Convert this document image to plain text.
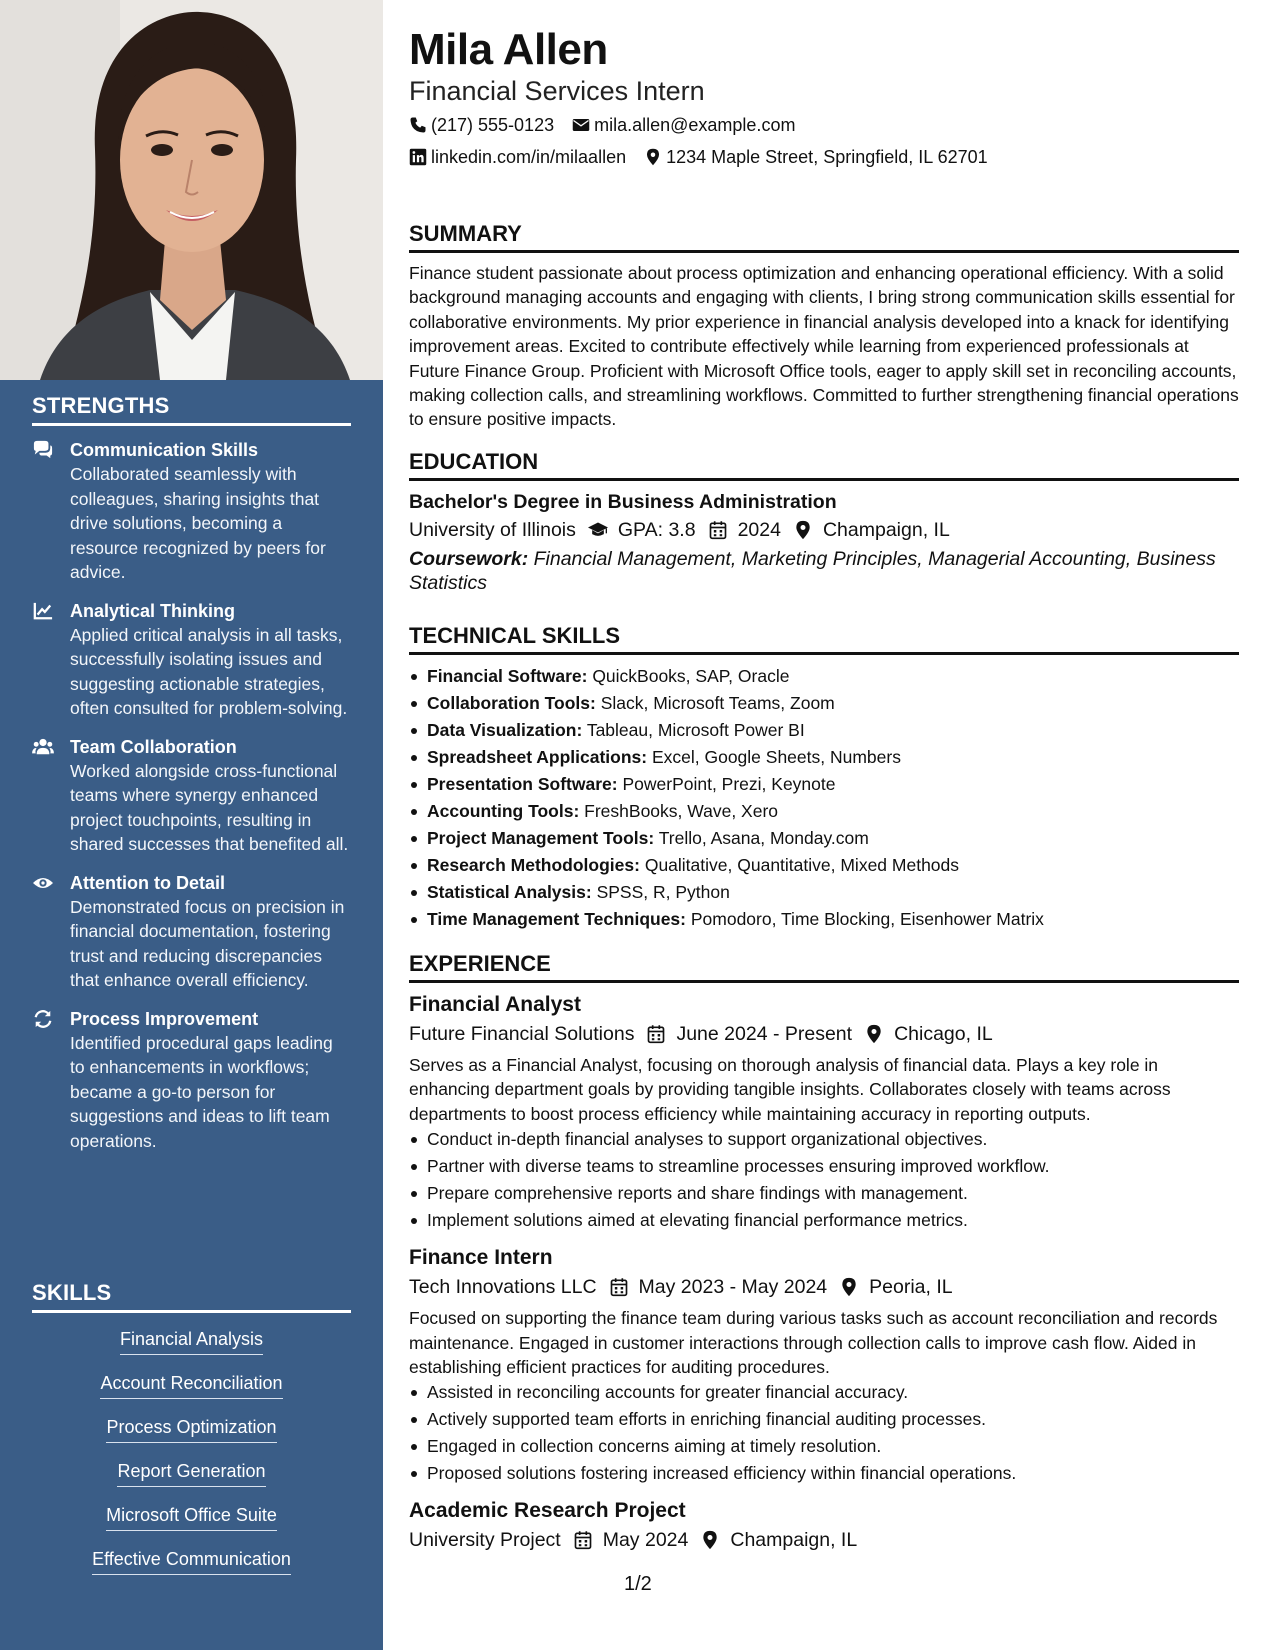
STRENGTHS
Communication Skills
Collaborated seamlessly with colleagues, sharing insights that drive solutions, becoming a resource recognized by peers for advice.
Analytical Thinking
Applied critical analysis in all tasks, successfully isolating issues and suggesting actionable strategies, often consulted for problem-solving.
Team Collaboration
Worked alongside cross-functional teams where synergy enhanced project touchpoints, resulting in shared successes that benefited all.
Attention to Detail
Demonstrated focus on precision in financial documentation, fostering trust and reducing discrepancies that enhance overall efficiency.
Process Improvement
Identified procedural gaps leading to enhancements in workflows; became a go-to person for suggestions and ideas to lift team operations.
SKILLS
Financial Analysis
Account Reconciliation
Process Optimization
Report Generation
Microsoft Office Suite
Effective Communication
Mila Allen
Financial Services Intern
(217) 555-0123 mila.allen@example.com
linkedin.com/in/milaallen 1234 Maple Street, Springfield, IL 62701
SUMMARY
Finance student passionate about process optimization and enhancing operational efficiency. With a solid background managing accounts and engaging with clients, I bring strong communication skills essential for collaborative environments. My prior experience in financial analysis developed into a knack for identifying improvement areas. Excited to contribute effectively while learning from experienced professionals at Future Finance Group. Proficient with Microsoft Office tools, eager to apply skill set in reconciling accounts, making collection calls, and streamlining workflows. Committed to further strengthening financial operations to ensure positive impacts.
EDUCATION
Bachelor's Degree in Business Administration
University of Illinois GPA: 3.8 2024 Champaign, IL
Coursework: Financial Management, Marketing Principles, Managerial Accounting, Business Statistics
TECHNICAL SKILLS
Financial Software: QuickBooks, SAP, Oracle
Collaboration Tools: Slack, Microsoft Teams, Zoom
Data Visualization: Tableau, Microsoft Power BI
Spreadsheet Applications: Excel, Google Sheets, Numbers
Presentation Software: PowerPoint, Prezi, Keynote
Accounting Tools: FreshBooks, Wave, Xero
Project Management Tools: Trello, Asana, Monday.com
Research Methodologies: Qualitative, Quantitative, Mixed Methods
Statistical Analysis: SPSS, R, Python
Time Management Techniques: Pomodoro, Time Blocking, Eisenhower Matrix
EXPERIENCE
Financial Analyst
Future Financial Solutions June 2024 - Present Chicago, IL
Serves as a Financial Analyst, focusing on thorough analysis of financial data. Plays a key role in enhancing department goals by providing tangible insights. Collaborates closely with teams across departments to boost process efficiency while maintaining accuracy in reporting outputs.
Conduct in-depth financial analyses to support organizational objectives.
Partner with diverse teams to streamline processes ensuring improved workflow.
Prepare comprehensive reports and share findings with management.
Implement solutions aimed at elevating financial performance metrics.
Finance Intern
Tech Innovations LLC May 2023 - May 2024 Peoria, IL
Focused on supporting the finance team during various tasks such as account reconciliation and records maintenance. Engaged in customer interactions through collection calls to improve cash flow. Aided in establishing efficient practices for auditing procedures.
Assisted in reconciling accounts for greater financial accuracy.
Actively supported team efforts in enriching financial auditing processes.
Engaged in collection concerns aiming at timely resolution.
Proposed solutions fostering increased efficiency within financial operations.
Academic Research Project
University Project May 2024 Champaign, IL
1/2
